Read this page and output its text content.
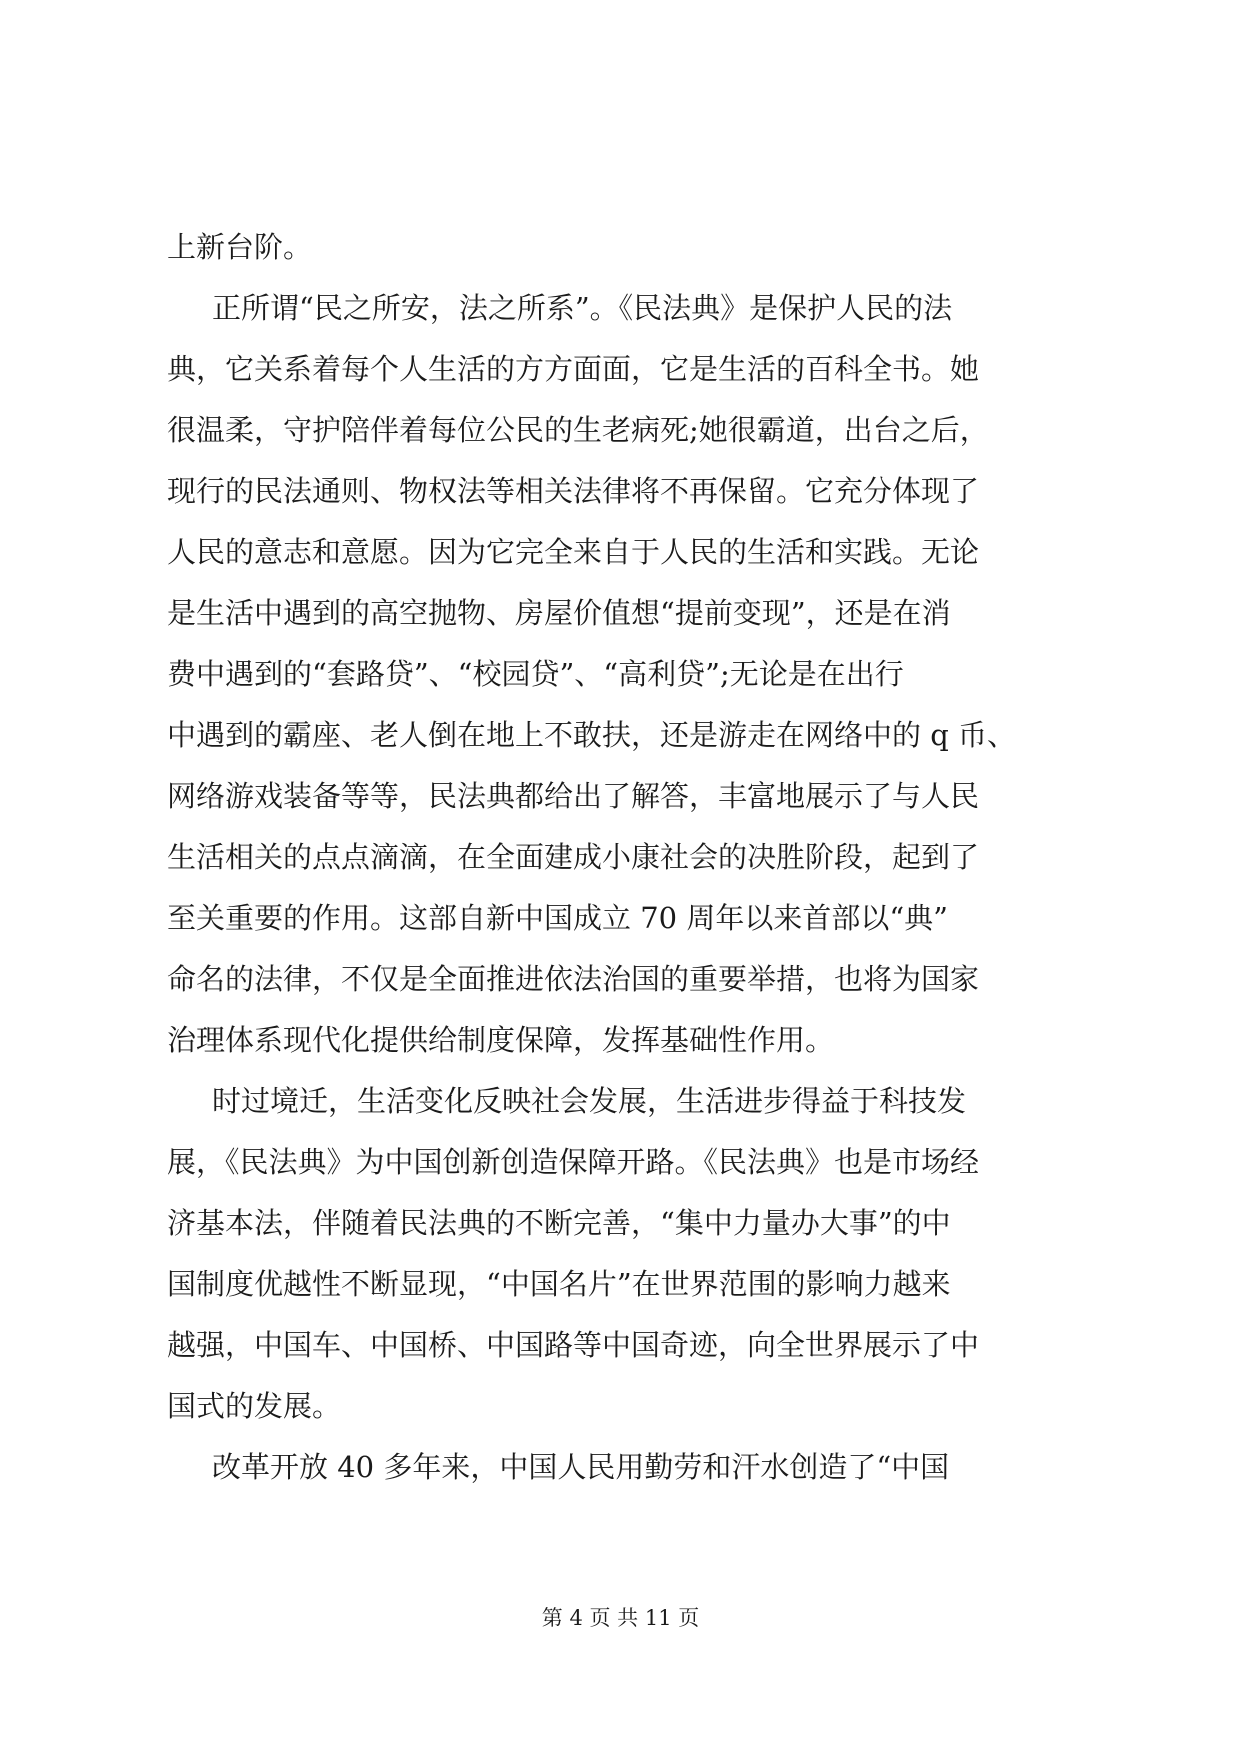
上新台阶。
正所谓“民之所安，法之所系”。《民法典》是保护人民的法
典，它关系着每个人生活的方方面面，它是生活的百科全书。她
很温柔，守护陪伴着每位公民的生老病死;她很霸道，出台之后，
现行的民法通则、物权法等相关法律将不再保留。它充分体现了
人民的意志和意愿。因为它完全来自于人民的生活和实践。无论
是生活中遇到的高空抛物、房屋价值想“提前变现”，还是在消
费中遇到的“套路贷”、“校园贷”、“高利贷”;无论是在出行
中遇到的霸座、老人倒在地上不敢扶，还是游走在网络中的 q 币、
网络游戏装备等等，民法典都给出了解答，丰富地展示了与人民
生活相关的点点滴滴，在全面建成小康社会的决胜阶段，起到了
至关重要的作用。这部自新中国成立 70 周年以来首部以“典”
命名的法律，不仅是全面推进依法治国的重要举措，也将为国家
治理体系现代化提供给制度保障，发挥基础性作用。
时过境迁，生活变化反映社会发展，生活进步得益于科技发
展，《民法典》为中国创新创造保障开路。《民法典》也是市场经
济基本法，伴随着民法典的不断完善，“集中力量办大事”的中
国制度优越性不断显现，“中国名片”在世界范围的影响力越来
越强，中国车、中国桥、中国路等中国奇迹，向全世界展示了中
国式的发展。
改革开放 40 多年来，中国人民用勤劳和汗水创造了“中国
第 4 页 共 11 页
